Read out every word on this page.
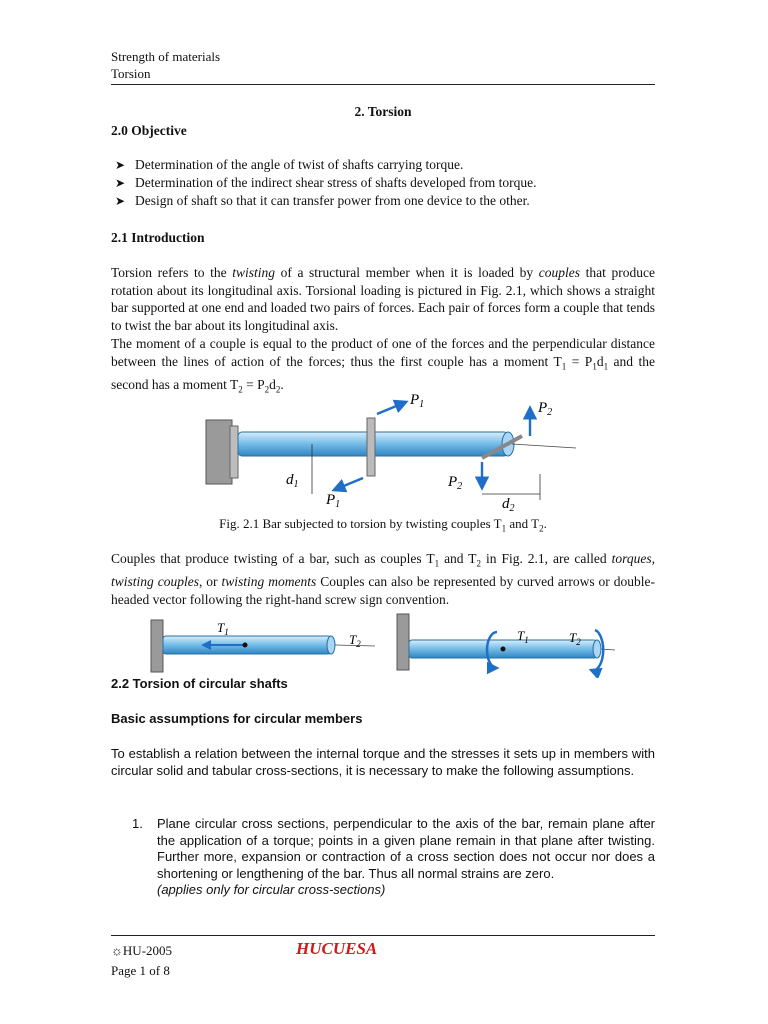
Strength of materials
Torsion
2. Torsion
2.0 Objective
➤ Determination of the angle of twist of shafts carrying torque.
➤ Determination of the indirect shear stress of shafts developed from torque.
➤ Design of shaft so that it can transfer power from one device to the other.
2.1 Introduction
Torsion refers to the twisting of a structural member when it is loaded by couples that produce rotation about its longitudinal axis. Torsional loading is pictured in Fig. 2.1, which shows a straight bar supported at one end and loaded two pairs of forces. Each pair of forces form a couple that tends to twist the bar about its longitudinal axis.
The moment of a couple is equal to the product of one of the forces and the perpendicular distance between the lines of action of the forces; thus the first couple has a moment $T_1 = P_1d_1$ and the second has a moment $T_2 = P_2d_2$.
$P_1$
$P_1$
$P_2$
$P_2$
$d_1$
$d_2$
Fig. 2.1 Bar subjected to torsion by twisting couples $T_1$ and $T_2$.
Couples that produce twisting of a bar, such as couples $T_1$ and $T_2$ in Fig. 2.1, are called torques, twisting couples, or twisting moments Couples can also be represented by curved arrows or double-headed vector following the right-hand screw sign convention.
$T_1$	$T_2$
$T_1$	$T_2$
2.2 Torsion of circular shafts
Basic assumptions for circular members
To establish a relation between the internal torque and the stresses it sets up in members with circular solid and tabular cross-sections, it is necessary to make the following assumptions.
1. Plane circular cross sections, perpendicular to the axis of the bar, remain plane after the application of a torque; points in a given plane remain in that plane after twisting. Further more, expansion or contraction of a cross section does not occur nor does a shortening or lengthening of the bar. Thus all normal strains are zero.
(applies only for circular cross-sections)
☼HU-2005	HUCUESA
Page 1 of 8
